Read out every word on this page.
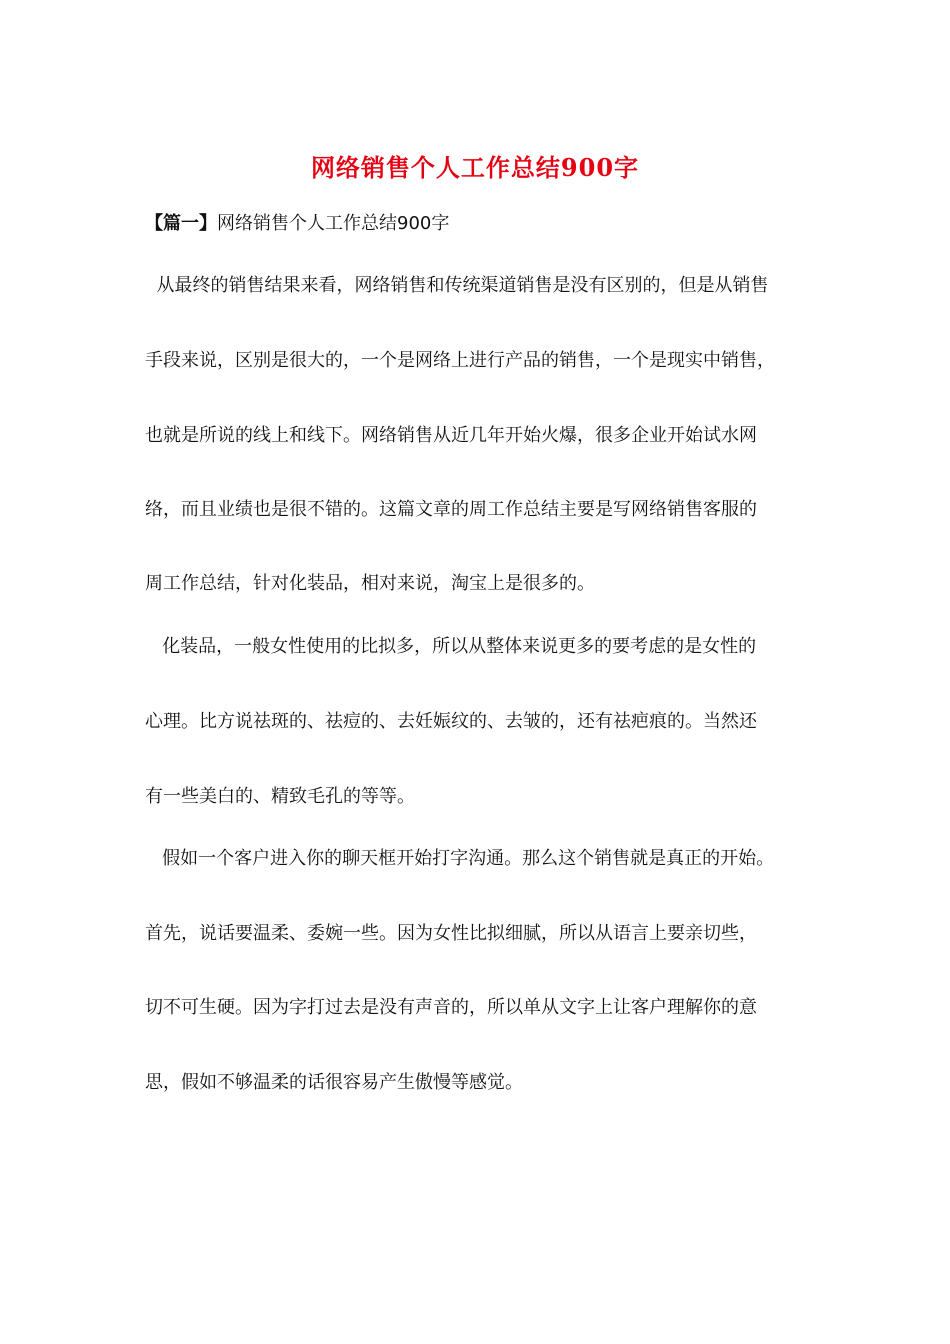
网络销售个人工作总结900字
【篇一】网络销售个人工作总结900字
从最终的销售结果来看，网络销售和传统渠道销售是没有区别的，但是从销售
手段来说，区别是很大的，一个是网络上进行产品的销售，一个是现实中销售，
也就是所说的线上和线下。网络销售从近几年开始火爆，很多企业开始试水网
络，而且业绩也是很不错的。这篇文章的周工作总结主要是写网络销售客服的
周工作总结，针对化装品，相对来说，淘宝上是很多的。
化装品，一般女性使用的比拟多，所以从整体来说更多的要考虑的是女性的
心理。比方说祛斑的、祛痘的、去妊娠纹的、去皱的，还有祛疤痕的。当然还
有一些美白的、精致毛孔的等等。
假如一个客户进入你的聊天框开始打字沟通。那么这个销售就是真正的开始。
首先，说话要温柔、委婉一些。因为女性比拟细腻，所以从语言上要亲切些，
切不可生硬。因为字打过去是没有声音的，所以单从文字上让客户理解你的意
思，假如不够温柔的话很容易产生傲慢等感觉。
